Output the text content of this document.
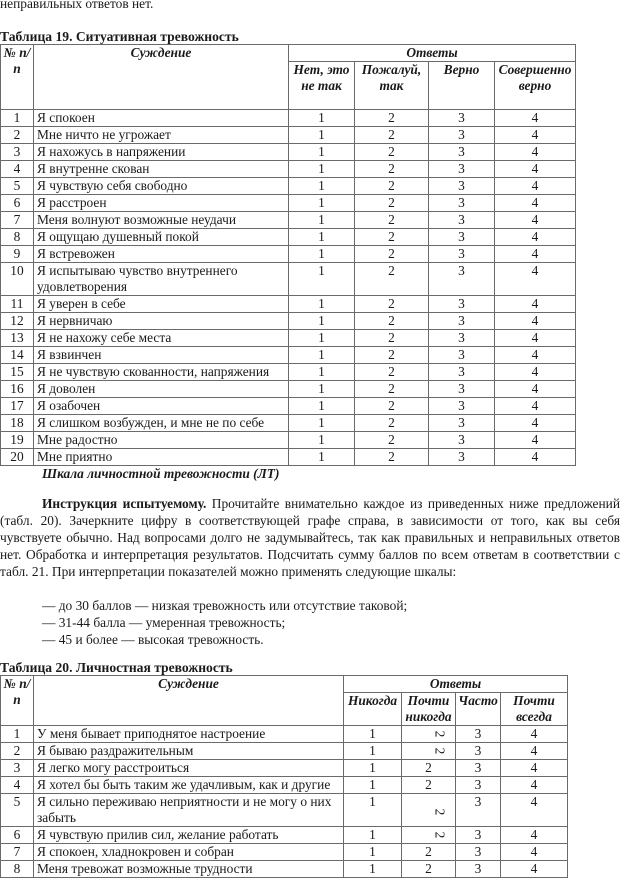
неправильных ответов нет.
Таблица 19. Ситуативная тревожность
№ п/п	Суждение	Ответы			
		Нет, это не так	Пожалуй, так	Верно	Совершенно верно
1	Я спокоен	1	2	3	4
2	Мне ничто не угрожает	1	2	3	4
3	Я нахожусь в напряжении	1	2	3	4
4	Я внутренне скован	1	2	3	4
5	Я чувствую себя свободно	1	2	3	4
6	Я расстроен	1	2	3	4
7	Меня волнуют возможные неудачи	1	2	3	4
8	Я ощущаю душевный покой	1	2	3	4
9	Я встревожен	1	2	3	4
10	Я испытываю чувство внутреннего удовлетворения	1	2	3	4
11	Я уверен в себе	1	2	3	4
12	Я нервничаю	1	2	3	4
13	Я не нахожу себе места	1	2	3	4
14	Я взвинчен	1	2	3	4
15	Я не чувствую скованности, напряжения	1	2	3	4
16	Я доволен	1	2	3	4
17	Я озабочен	1	2	3	4
18	Я слишком возбужден, и мне не по себе	1	2	3	4
19	Мне радостно	1	2	3	4
20	Мне приятно	1	2	3	4
Шкала личностной тревожности (ЛТ)
Инструкция испытуемому. Прочитайте внимательно каждое из приведенных ниже предложений (табл. 20). Зачеркните цифру в соответствующей графе справа, в зависимости от того, как вы себя чувствуете обычно. Над вопросами долго не задумывайтесь, так как правильных и неправильных ответов нет. Обработка и интерпретация результатов. Подсчитать сумму баллов по всем ответам в соответствии с табл. 21. При интерпретации показателей можно применять следующие шкалы:
— до 30 баллов — низкая тревожность или отсутствие таковой;
— 31-44 балла — умеренная тревожность;
— 45 и более — высокая тревожность.
Таблица 20. Личностная тревожность
№ п/п	Суждение	Ответы			
		Никогда	Почти никогда	Часто	Почти всегда
1	У меня бывает приподнятое настроение	1	2	3	4
2	Я бываю раздражительным	1	2	3	4
3	Я легко могу расстроиться	1	2	3	4
4	Я хотел бы быть таким же удачливым, как и другие	1	2	3	4
5	Я сильно переживаю неприятности и не могу о них забыть	1	2	3	4
6	Я чувствую прилив сил, желание работать	1	2	3	4
7	Я спокоен, хладнокровен и собран	1	2	3	4
8	Меня тревожат возможные трудности	1	2	3	4
